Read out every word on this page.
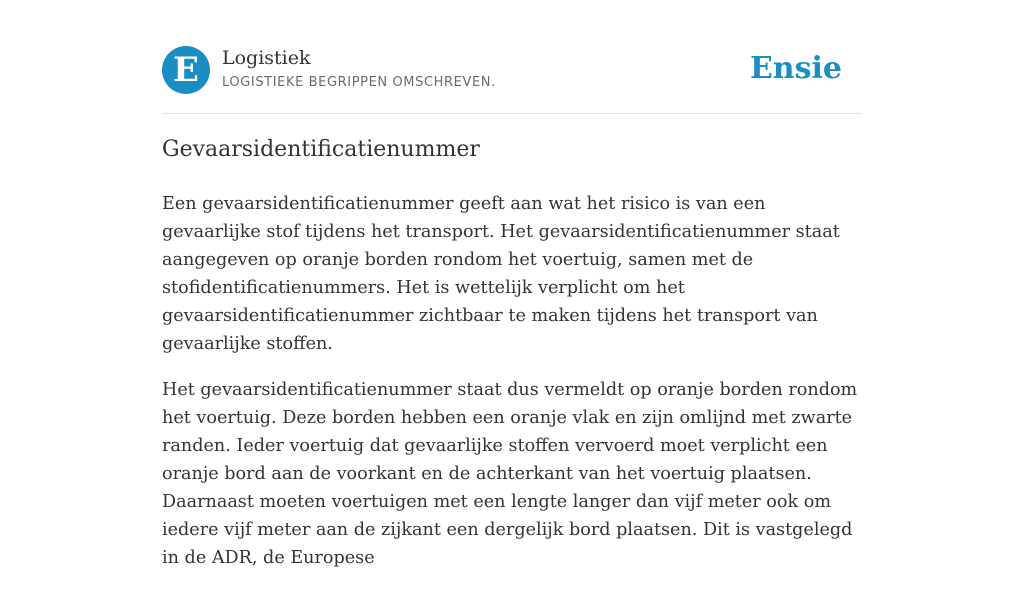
E	Logistiek
LOGISTIEKE BEGRIPPEN OMSCHREVEN.	Ensie
Gevaarsidentificatienummer

Een gevaarsidentificatienummer geeft aan wat het risico is van een gevaarlijke stof tijdens het transport. Het gevaarsidentificatienummer staat aangegeven op oranje borden rondom het voertuig, samen met de stofidentificatienummers. Het is wettelijk verplicht om het gevaarsidentificatienummer zichtbaar te maken tijdens het transport van gevaarlijke stoffen.

Het gevaarsidentificatienummer staat dus vermeldt op oranje borden rondom het voertuig. Deze borden hebben een oranje vlak en zijn omlijnd met zwarte randen. Ieder voertuig dat gevaarlijke stoffen vervoerd moet verplicht een oranje bord aan de voorkant en de achterkant van het voertuig plaatsen. Daarnaast moeten voertuigen met een lengte langer dan vijf meter ook om iedere vijf meter aan de zijkant een dergelijk bord plaatsen. Dit is vastgelegd in de ADR, de Europese
